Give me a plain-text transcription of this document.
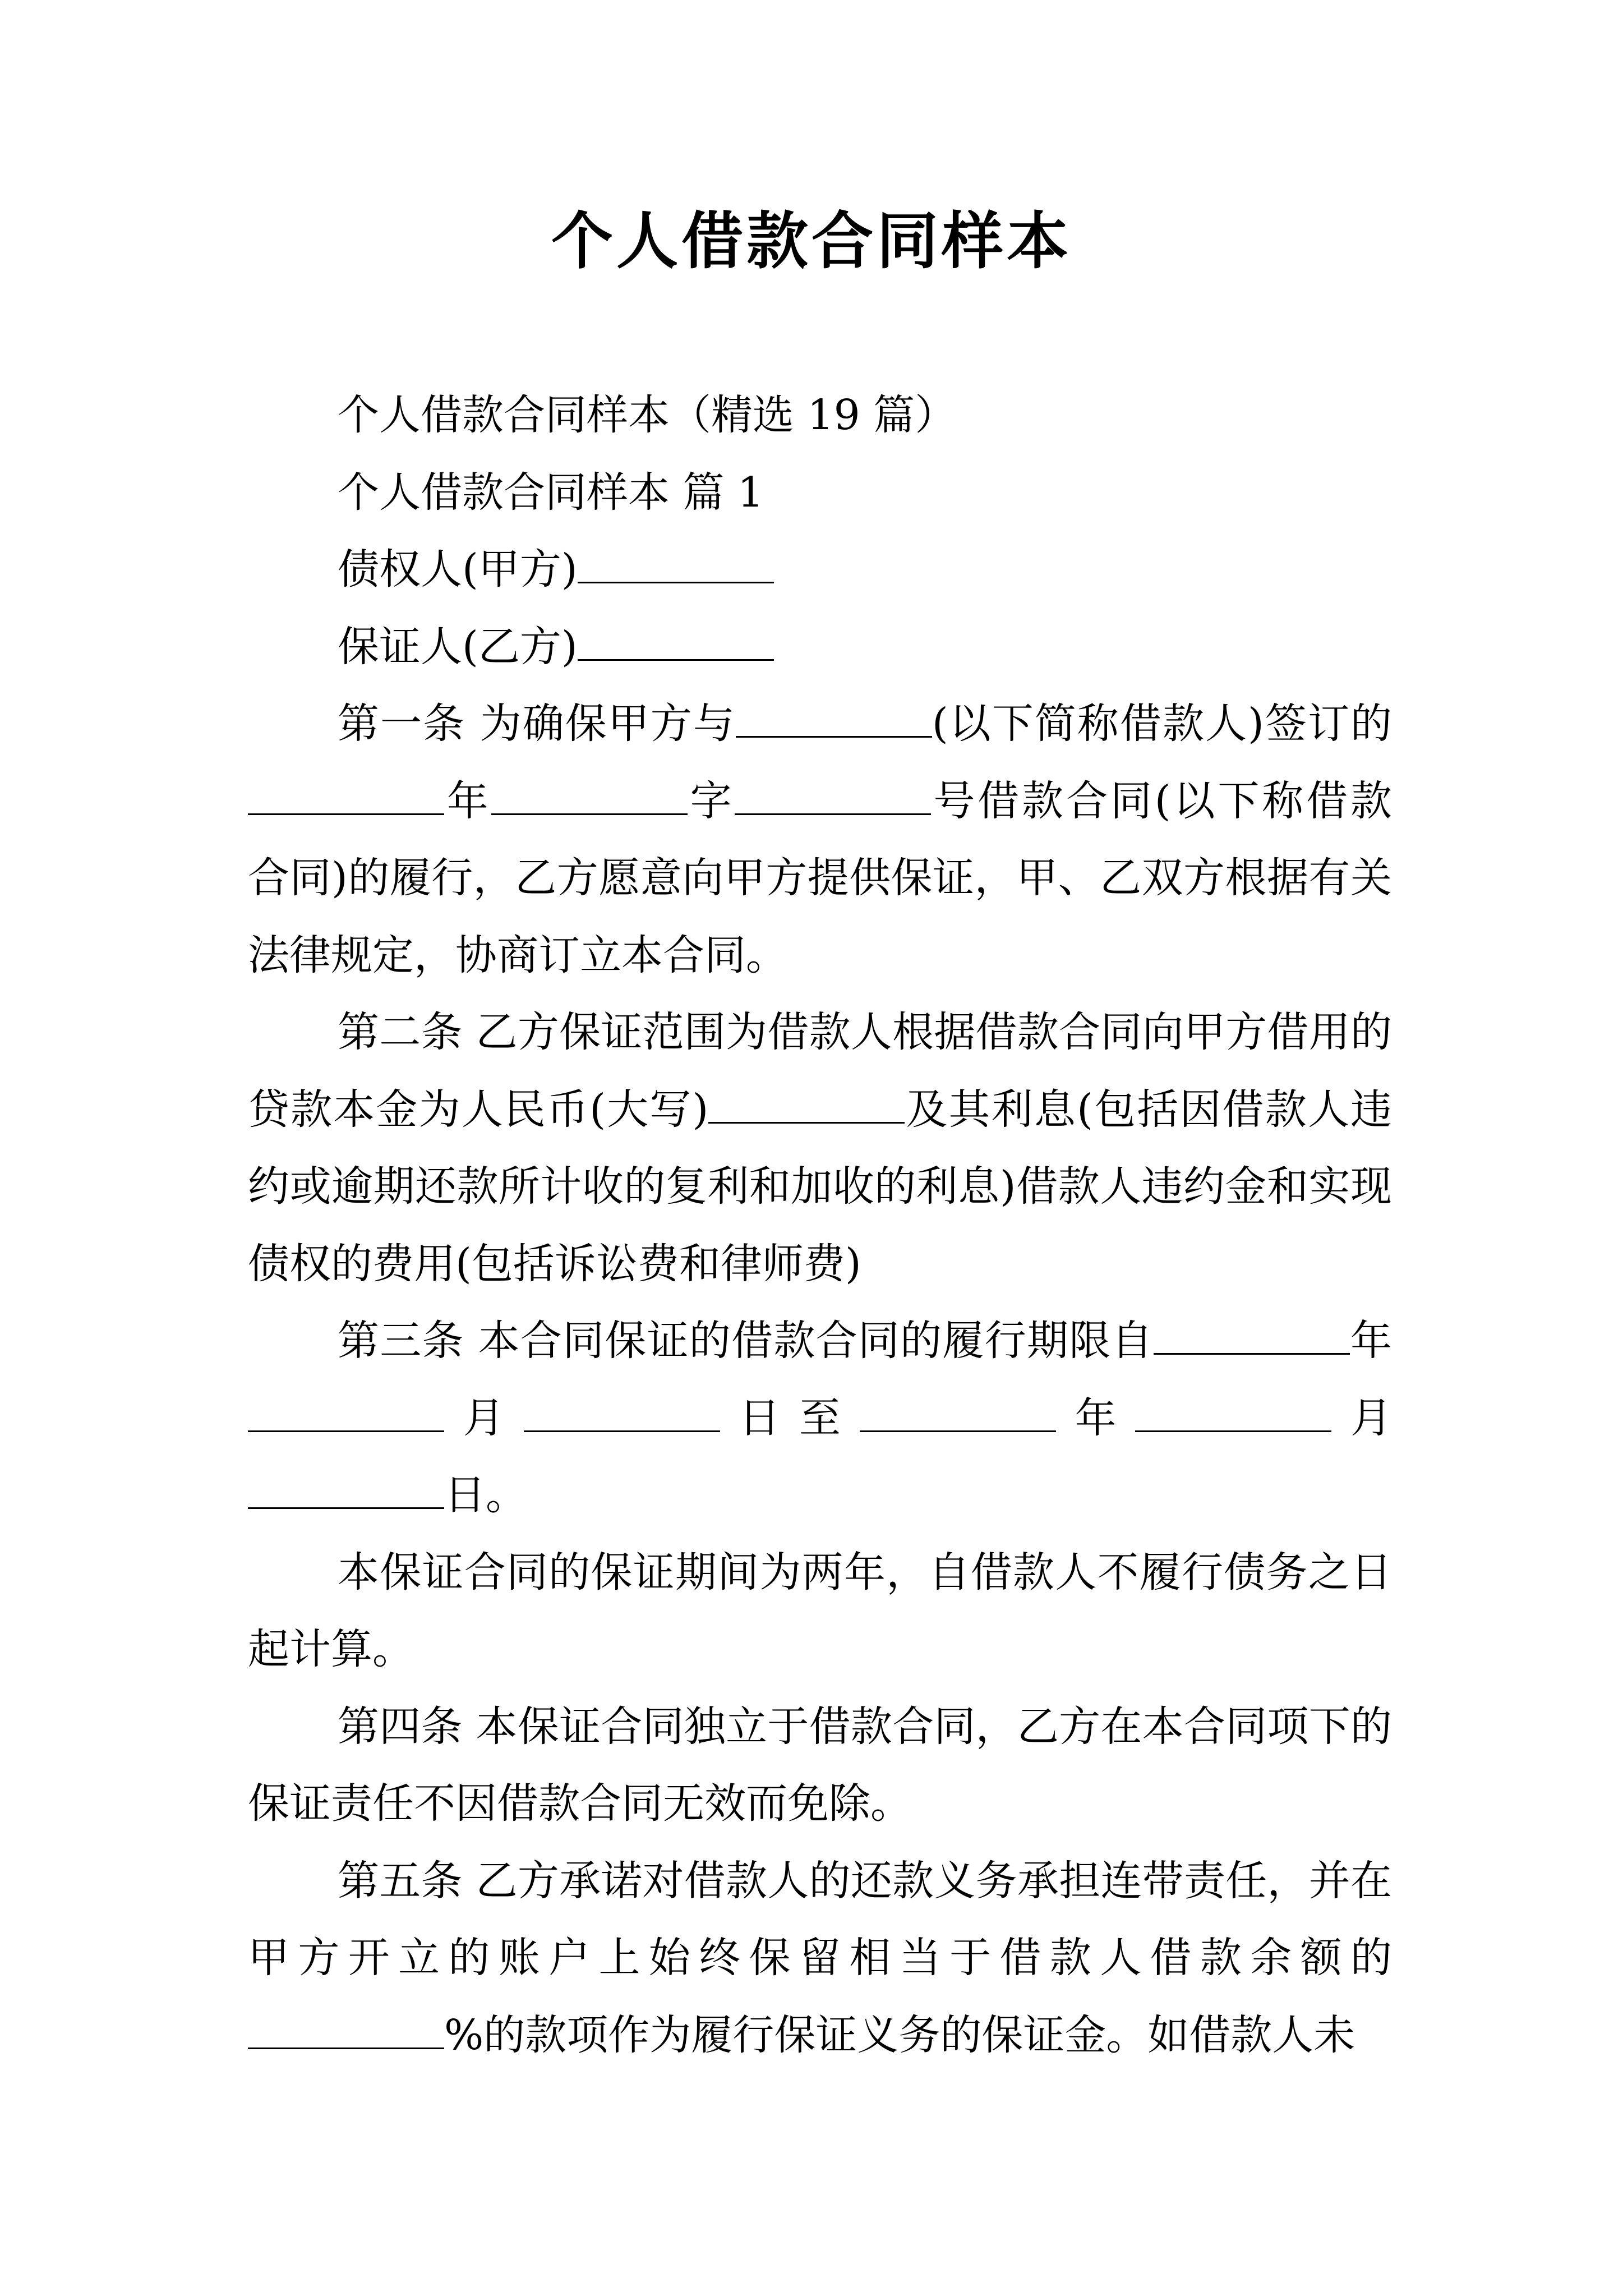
个人借款合同样本

个人借款合同样本（精选 19 篇）

个人借款合同样本 篇 1

债权人(甲方)

保证人(乙方)

第一条 为确保甲方与	(以下简称借款人)签订的年	字	号借款合同(以下称借款合同)的履行，乙方愿意向甲方提供保证，甲、乙双方根据有关法律规定，协商订立本合同。

第二条 乙方保证范围为借款人根据借款合同向甲方借用的贷款本金为人民币(大写)	及其利息(包括因借款人违约或逾期还款所计收的复利和加收的利息)借款人违约金和实现债权的费用(包括诉讼费和律师费)

第三条 本合同保证的借款合同的履行期限自	年月	日至	年	月日。

本保证合同的保证期间为两年，自借款人不履行债务之日起计算。

第四条 本保证合同独立于借款合同，乙方在本合同项下的保证责任不因借款合同无效而免除。

第五条 乙方承诺对借款人的还款义务承担连带责任，并在甲方开立的账户上始终保留相当于借款人借款余额的%的款项作为履行保证义务的保证金。如借款人未
